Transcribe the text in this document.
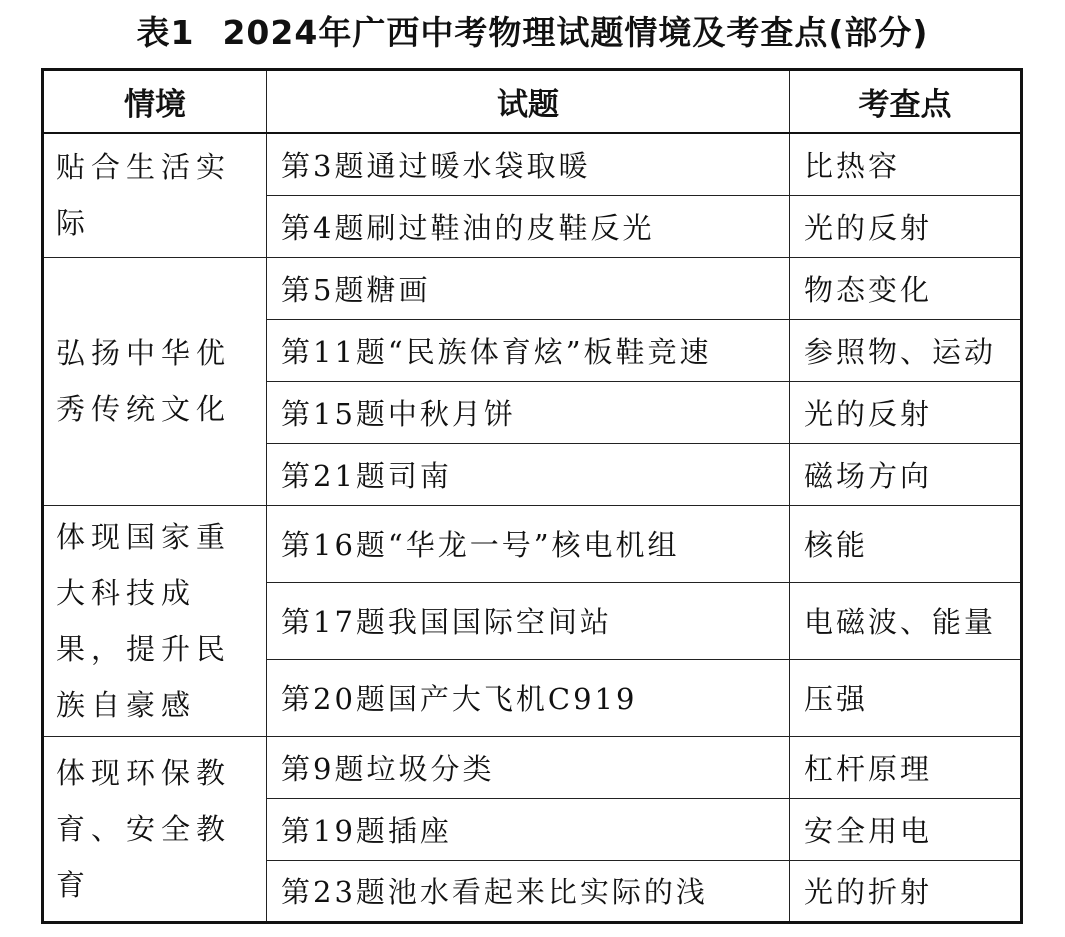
表1 2024年广西中考物理试题情境及考查点(部分)
情境	试题	考查点
贴合生活实际	第3题通过暖水袋取暖	比热容
	第4题刷过鞋油的皮鞋反光	光的反射
弘扬中华优秀传统文化	第5题糖画	物态变化
	第11题“民族体育炫”板鞋竞速	参照物、运动
	第15题中秋月饼	光的反射
	第21题司南	磁场方向
体现国家重大科技成果，提升民族自豪感	第16题“华龙一号”核电机组	核能
	第17题我国国际空间站	电磁波、能量
	第20题国产大飞机C919	压强
体现环保教育、安全教育	第9题垃圾分类	杠杆原理
	第19题插座	安全用电
	第23题池水看起来比实际的浅	光的折射
